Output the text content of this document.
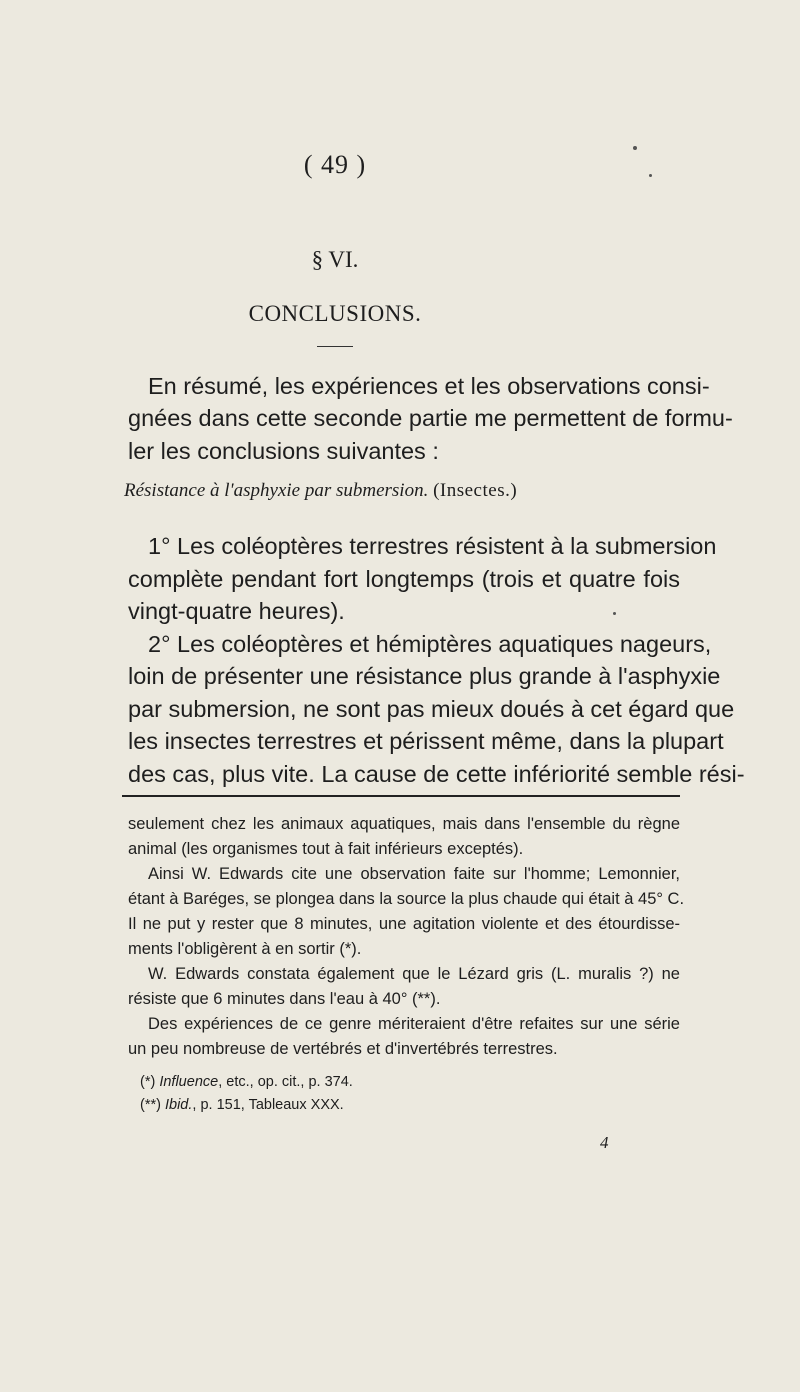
( 49 )
§ VI.
CONCLUSIONS.
En résumé, les expériences et les observations consi-
gnées dans cette seconde partie me permettent de formu-
ler les conclusions suivantes :
Résistance à l'asphyxie par submersion. (Insectes.)
1° Les coléoptères terrestres résistent à la submersion
complète pendant fort longtemps (trois et quatre fois
vingt-quatre heures).
2° Les coléoptères et hémiptères aquatiques nageurs,
loin de présenter une résistance plus grande à l'asphyxie
par submersion, ne sont pas mieux doués à cet égard que
les insectes terrestres et périssent même, dans la plupart
des cas, plus vite. La cause de cette infériorité semble rési-
seulement chez les animaux aquatiques, mais dans l'ensemble du règne
animal (les organismes tout à fait inférieurs exceptés).
Ainsi W. Edwards cite une observation faite sur l'homme; Lemonnier,
étant à Baréges, se plongea dans la source la plus chaude qui était à 45° C.
Il ne put y rester que 8 minutes, une agitation violente et des étourdisse-
ments l'obligèrent à en sortir (*).
W. Edwards constata également que le Lézard gris (L. muralis ?) ne
résiste que 6 minutes dans l'eau à 40° (**).
Des expériences de ce genre mériteraient d'être refaites sur une série
un peu nombreuse de vertébrés et d'invertébrés terrestres.
(*) Influence, etc., op. cit., p. 374.
(**) Ibid., p. 151, Tableaux XXX.
4
